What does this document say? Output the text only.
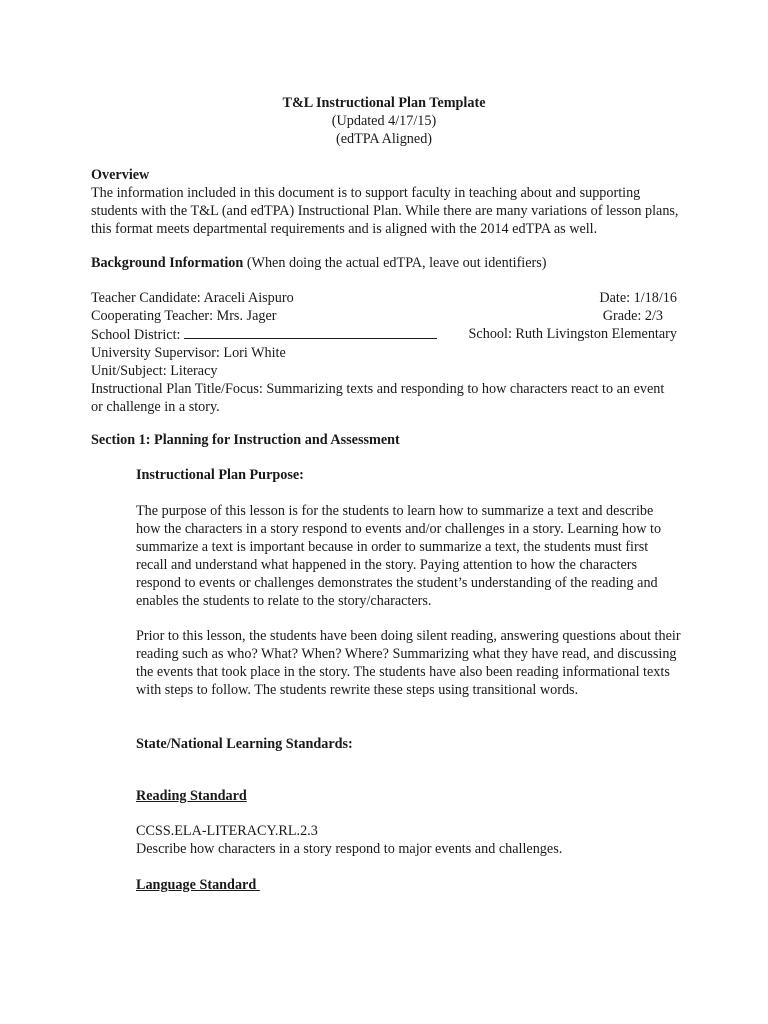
T&L Instructional Plan Template
(Updated 4/17/15)
(edTPA Aligned)

Overview

The information included in this document is to support faculty in teaching about and supporting students with the T&L (and edTPA) Instructional Plan. While there are many variations of lesson plans, this format meets departmental requirements and is aligned with the 2014 edTPA as well.

Background Information (When doing the actual edTPA, leave out identifiers)
Teacher Candidate: Araceli Aispuro	Date: 1/18/16
Cooperating Teacher: Mrs. Jager	Grade: 2/3
School District:	School: Ruth Livingston Elementary

University Supervisor: Lori White

Unit/Subject: Literacy

Instructional Plan Title/Focus: Summarizing texts and responding to how characters react to an event or challenge in a story.

Section 1: Planning for Instruction and Assessment
Instructional Plan Purpose:
The purpose of this lesson is for the students to learn how to summarize a text and describe how the characters in a story respond to events and/or challenges in a story. Learning how to summarize a text is important because in order to summarize a text, the students must first recall and understand what happened in the story. Paying attention to how the characters respond to events or challenges demonstrates the student’s understanding of the reading and enables the students to relate to the story/characters.
Prior to this lesson, the students have been doing silent reading, answering questions about their reading such as who? What? When? Where? Summarizing what they have read, and discussing the events that took place in the story. The students have also been reading informational texts with steps to follow. The students rewrite these steps using transitional words.
State/National Learning Standards:
Reading Standard
CCSS.ELA-LITERACY.RL.2.3
Describe how characters in a story respond to major events and challenges.
Language Standard
